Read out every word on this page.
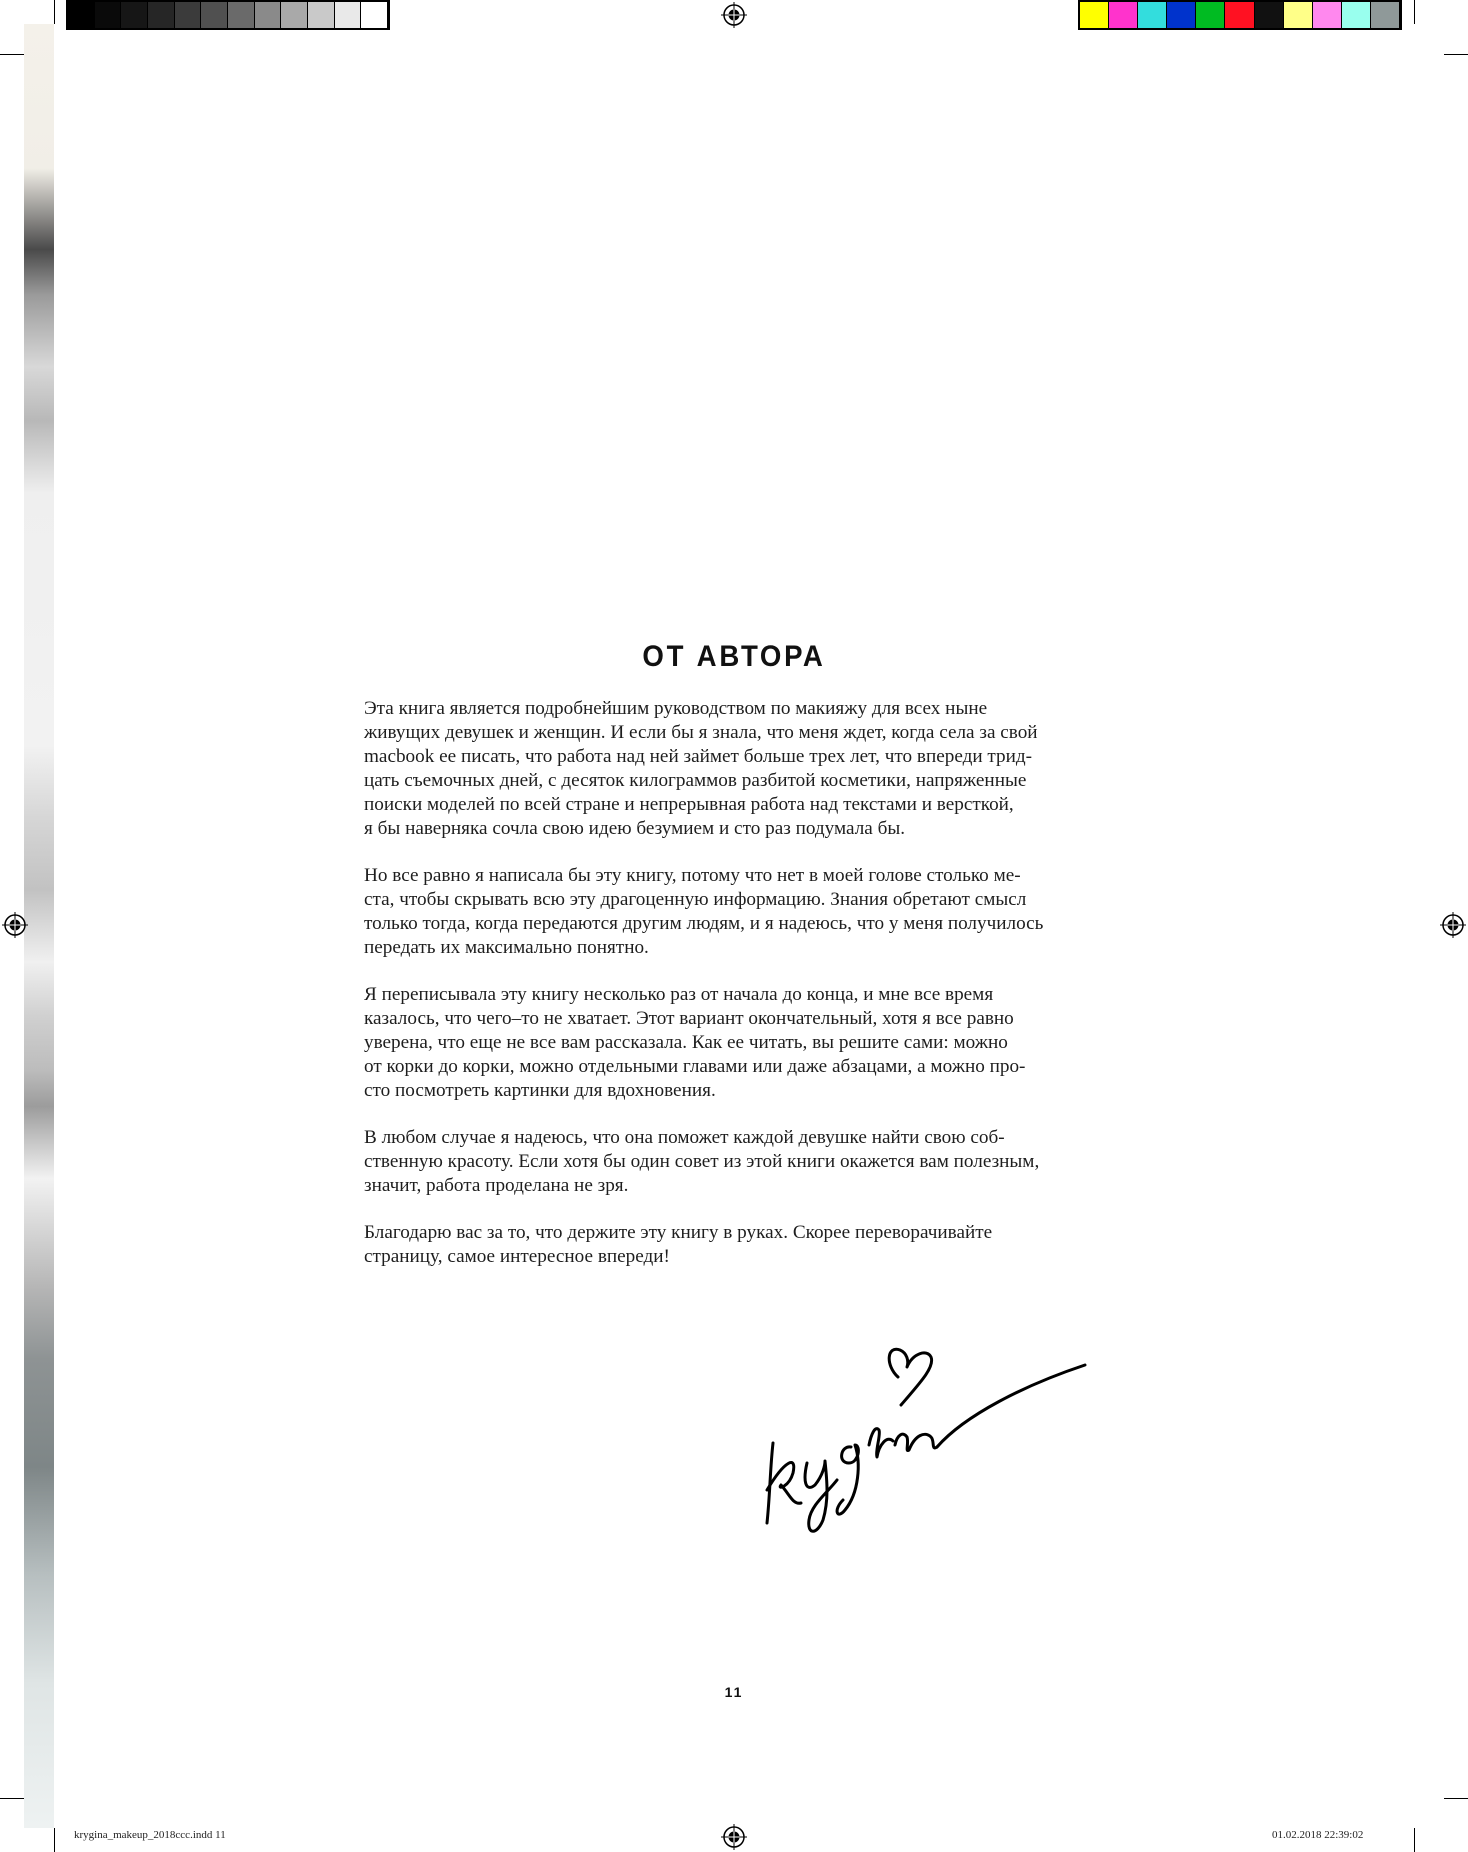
ОТ АВТОРА

Эта книга является подробнейшим руководством по макияжу для всех ныне
живущих девушек и женщин. И если бы я знала, что меня ждет, когда села за свой
macbook ее писать, что работа над ней займет больше трех лет, что впереди трид-
цать съемочных дней, с десяток килограммов разбитой косметики, напряженные
поиски моделей по всей стране и непрерывная работа над текстами и версткой,
я бы наверняка сочла свою идею безумием и сто раз подумала бы.

Но все равно я написала бы эту книгу, потому что нет в моей голове столько ме-
ста, чтобы скрывать всю эту драгоценную информацию. Знания обретают смысл
только тогда, когда передаются другим людям, и я надеюсь, что у меня получилось
передать их максимально понятно.

Я переписывала эту книгу несколько раз от начала до конца, и мне все время
казалось, что чего–то не хватает. Этот вариант окончательный, хотя я все равно
уверена, что еще не все вам рассказала. Как ее читать, вы решите сами: можно
от корки до корки, можно отдельными главами или даже абзацами, а можно про-
сто посмотреть картинки для вдохновения.

В любом случае я надеюсь, что она поможет каждой девушке найти свою соб-
ственную красоту. Если хотя бы один совет из этой книги окажется вам полезным,
значит, работа проделана не зря.

Благодарю вас за то, что держите эту книгу в руках. Скорее переворачивайте
страницу, самое интересное впереди!

11
krygina_makeup_2018ccc.indd 11	01.02.2018 22:39:02
